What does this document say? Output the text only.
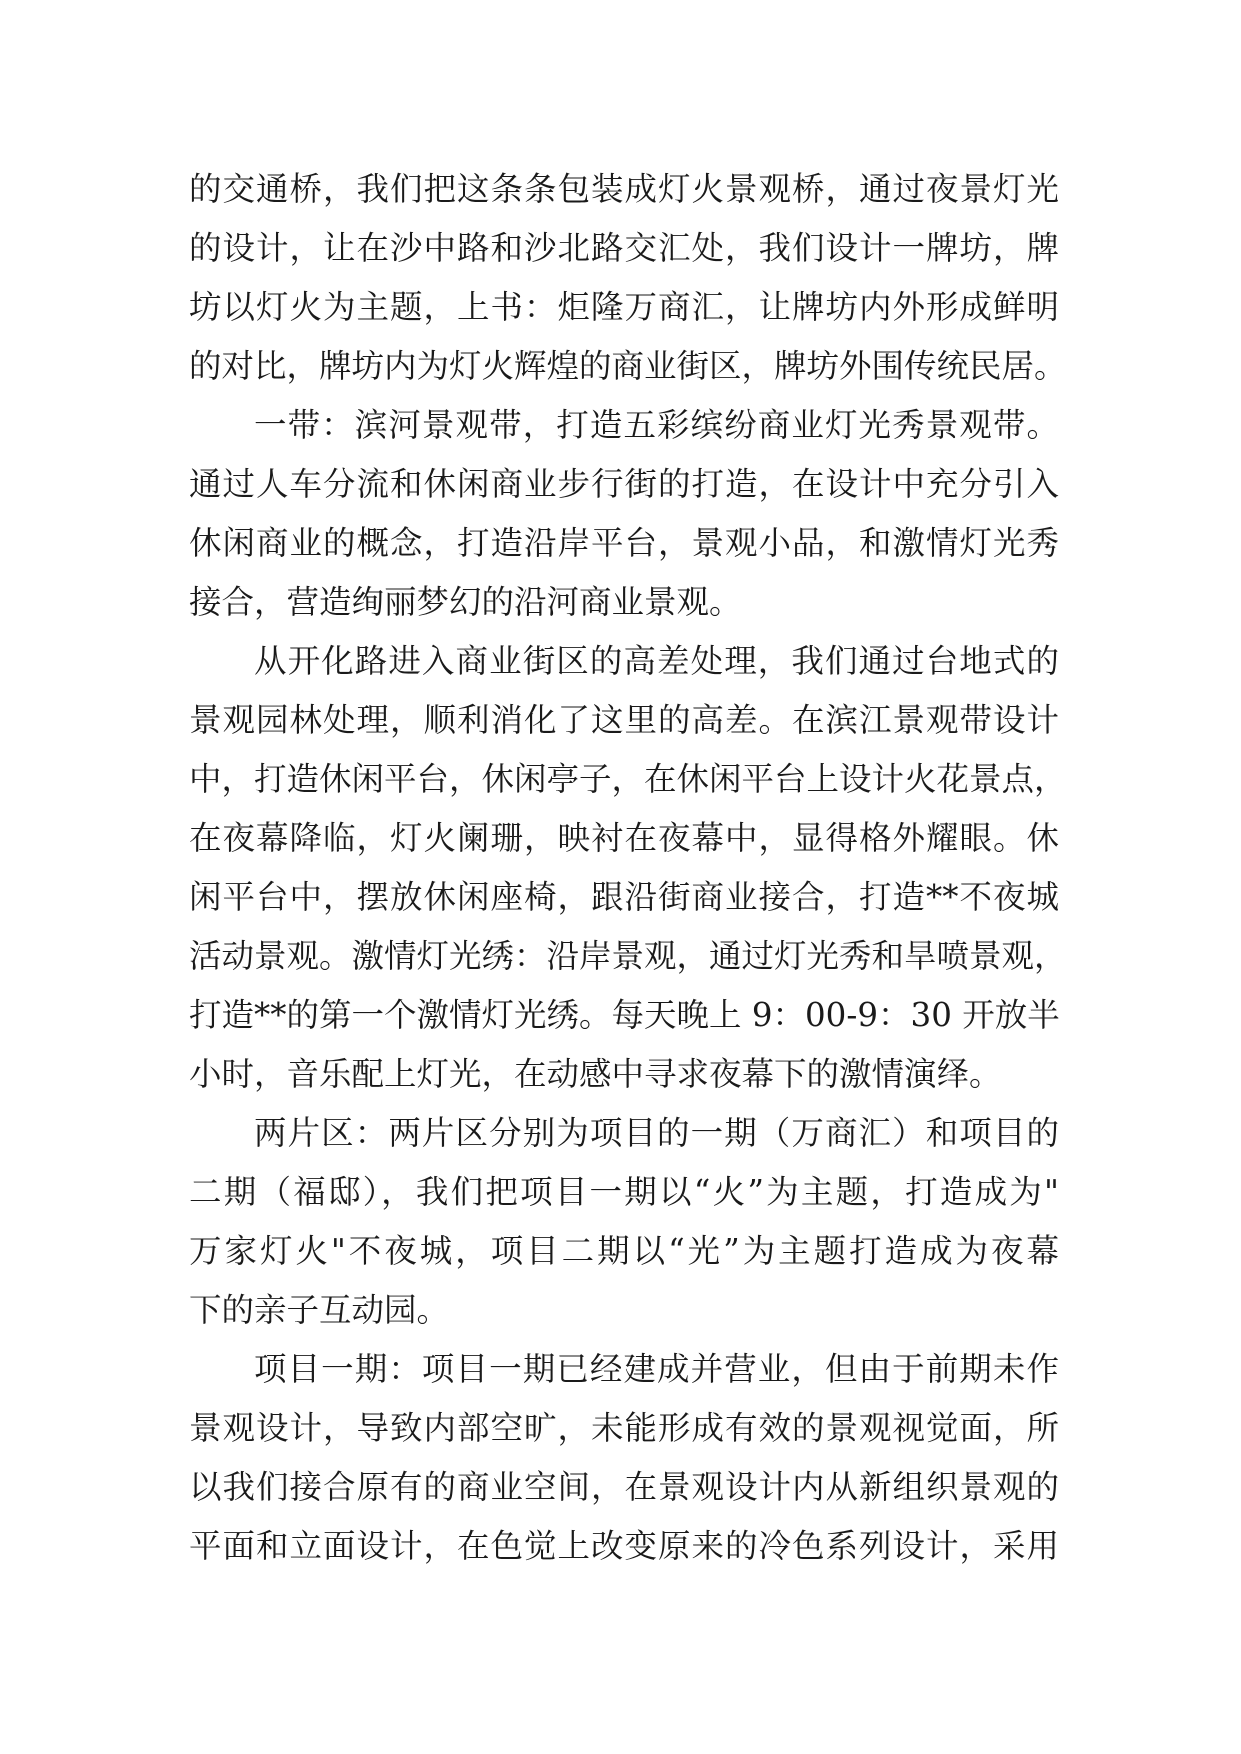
的交通桥，我们把这条条包装成灯火景观桥，通过夜景灯光
的设计，让在沙中路和沙北路交汇处，我们设计一牌坊，牌
坊以灯火为主题，上书：炬隆万商汇，让牌坊内外形成鲜明
的对比，牌坊内为灯火辉煌的商业街区，牌坊外围传统民居。
一带：滨河景观带，打造五彩缤纷商业灯光秀景观带。
通过人车分流和休闲商业步行街的打造，在设计中充分引入
休闲商业的概念，打造沿岸平台，景观小品，和激情灯光秀
接合，营造绚丽梦幻的沿河商业景观。
从开化路进入商业街区的高差处理，我们通过台地式的
景观园林处理，顺利消化了这里的高差。在滨江景观带设计
中，打造休闲平台，休闲亭子，在休闲平台上设计火花景点，
在夜幕降临，灯火阑珊，映衬在夜幕中，显得格外耀眼。休
闲平台中，摆放休闲座椅，跟沿街商业接合，打造**不夜城
活动景观。激情灯光绣：沿岸景观，通过灯光秀和旱喷景观，
打造**的第一个激情灯光绣。每天晚上 9：00-9：30 开放半
小时，音乐配上灯光，在动感中寻求夜幕下的激情演绎。
两片区：两片区分别为项目的一期（万商汇）和项目的
二期（福邸），我们把项目一期以“火”为主题，打造成为"
万家灯火"不夜城，项目二期以“光”为主题打造成为夜幕
下的亲子互动园。
项目一期：项目一期已经建成并营业，但由于前期未作
景观设计，导致内部空旷，未能形成有效的景观视觉面，所
以我们接合原有的商业空间，在景观设计内从新组织景观的
平面和立面设计，在色觉上改变原来的冷色系列设计，采用
